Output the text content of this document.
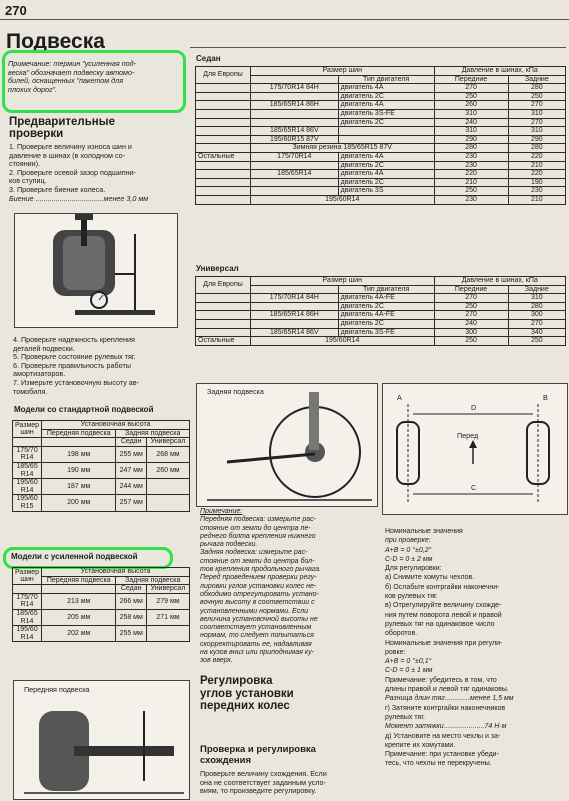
270
Подвеска
Примечание: термин "усиленная под-
веска" обозначает подвеску автомо-
билей, оснащенных "пакетом для
плохих дорог".
Предварительные
проверки
1. Проверьте величину износа шин и
давление в шинах (в холодном со-
стоянии).
2. Проверьте осевой зазор подшипни-
ков ступиц.
3. Проверьте биение колеса.
Биение ..................................менее 3,0 мм
4. Проверьте надежность крепления
деталей подвески.
5. Проверьте состояние рулевых тяг.
6. Проверьте правильность работы
амортизаторов.
7. Измерьте установочную высоту ав-
томобиля.
Модели со стандартной подвеской
Размер шин	Установочная высота		
	Передняя подвеска	Задняя подвеска	
		Седан	Универсал
175/70 R14	198 мм	255 мм	268 мм
185/65 R14	190 мм	247 мм	260 мм
195/60 R14	187 мм	244 мм	
195/60 R15	200 мм	257 мм	
Модели с усиленной подвеской
Размер шин	Установочная высота		
	Передняя подвеска	Задняя подвеска	
		Седан	Универсал
175/70 R14	213 мм	266 мм	279 мм
185/65 R14	205 мм	258 мм	271 мм
195/60 R14	202 мм	255 мм	
Передняя подвеска
Седан
Для Европы	Размер шин		Давление в шинах, кПа	
		Тип двигателя	Передние	Задние
	175/70R14 84H	двигатель 4A	270	280
		двигатель 2C	250	250
	185/65R14 86H	двигатель 4A	260	270
		двигатель 3S-FE	310	310
		двигатель 2C	240	270
	185/65R14 86V		310	310
	195/60R15 87V		290	290
	Зимняя резина 185/65R15 87V		280	280
Остальные	175/70R14	двигатель 4A	230	220
		двигатель 2C	230	210
	185/65R14	двигатель 4A	220	220
		двигатель 2C	210	190
		двигатель 3S	250	230
	195/60R14		230	210
Универсал
Для Европы	Размер шин		Давление в шинах, кПа	
		Тип двигателя	Передние	Задние
	175/70R14 84H	двигатель 4A-FE	270	310
		двигатель 2C	250	280
	185/65R14 86H	двигатель 4A-FE	270	300
		двигатель 2C	240	270
	185/65R14 86V	двигатель 3S-FE	300	340
Остальные	195/60R14		250	250
Задняя подвеска
Примечание:
Передняя подвеска: измерьте рас-
стояние от земли до центра пе-
реднего болта крепления нижнего
рычага подвески.
Задняя подвеска: измерьте рас-
стояние от земли до центра бол-
тов крепления продольного рычага.
Перед проведением проверки регу-
лировки углов установки колес не-
обходимо отрегулировать устано-
вочную высоту в соответствии с
установленными нормами. Если
величина установочной высоты не
соответствует установленным
нормам, то следует попытаться
скорректировать ее, надавливая
на кузов вниз или приподнимая ку-
зов вверх.
Регулировка
углов установки
передних колес
Проверка и регулировка
схождения
Проверьте величину схождения. Если
она не соответствует заданным усло-
виям, то произведите регулировку.
A	B
D
C
Перед
Номинальные значения
при проверке:
A+B = 0 °±0,2°
C-D = 0 ± 2 мм
Для регулировки:
а) Снимите хомуты чехлов.
б) Ослабьте контргайки наконечни-
ков рулевых тяг.
в) Отрегулируйте величину схожде-
ния путем поворота левой и правой
рулевых тяг на одинаковое число
оборотов.
Номинальные значения при регули-
ровке:
A+B = 0 °±0,1°
C-D = 0 ± 1 мм
Примечание: убедитесь в том, что
длины правой и левой тяг одинаковы.
Разница длин тяг.............менее 1,5 мм
г) Затяните контргайки наконечников
рулевых тяг.
Момент затяжки.....................74 Н·м
д) Установите на место чехлы и за-
крепите их хомутами.
Примечание: при установке убеди-
тесь, что чехлы не перекручены.
